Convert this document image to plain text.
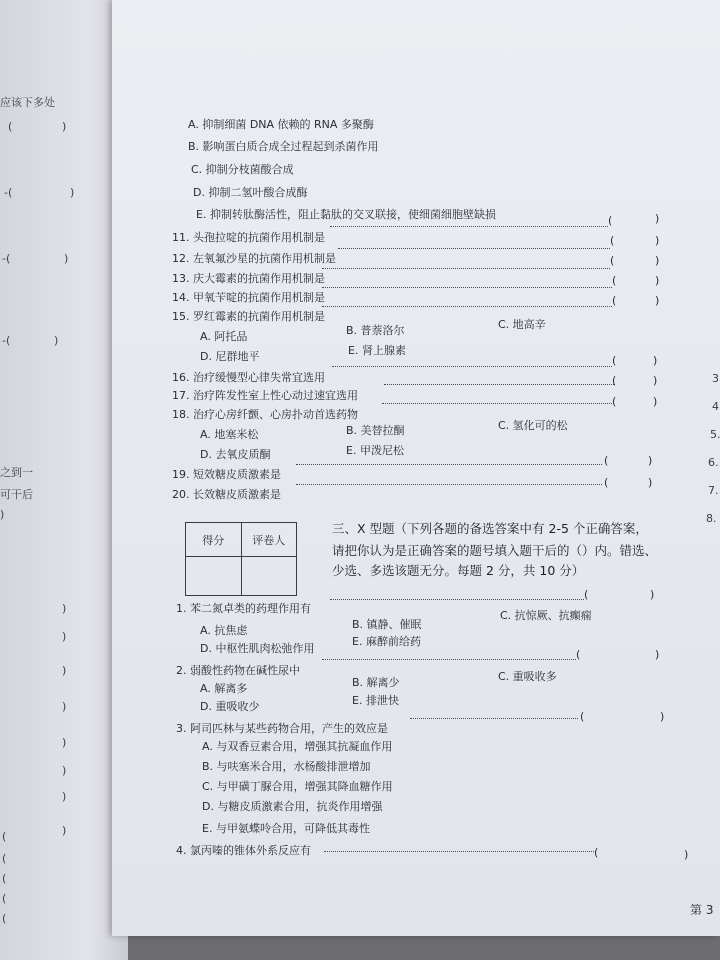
应该下多处
(	)
-(	)
-(	)
-(	)
之到一
可干后
)
)
)
)
)
)
)
)
)
(
(
(
(
(
A. 抑制细菌 DNA 依赖的 RNA 多聚酶
B. 影响蛋白质合成全过程起到杀菌作用
C. 抑制分枝菌酸合成
D. 抑制二氢叶酸合成酶
E. 抑制转肽酶活性，阻止黏肽的交叉联接，使细菌细胞壁缺损
11. 头孢拉啶的抗菌作用机制是
(	)
12. 左氧氟沙星的抗菌作用机制是
(	)
13. 庆大霉素的抗菌作用机制是
(	)
14. 甲氧苄啶的抗菌作用机制是
(	)
15. 罗红霉素的抗菌作用机制是
(	)
A. 阿托品	B. 普萘洛尔	C. 地高辛
D. 尼群地平	E. 肾上腺素
16. 治疗缓慢型心律失常宜选用
(	)
17. 治疗阵发性室上性心动过速宜选用
(	)
18. 治疗心房纤颤、心房扑动首选药物
(	)
A. 地塞米松	B. 美替拉酮	C. 氢化可的松
D. 去氧皮质酮	E. 甲泼尼松
19. 短效糖皮质激素是
(	)
20. 长效糖皮质激素是
(	)
得分	评卷人

三、X 型题（下列各题的备选答案中有 2-5 个正确答案，
请把你认为是正确答案的题号填入题干后的（）内。错选、
少选、多选该题无分。每题 2 分，共 10 分）
1. 苯二氮卓类的药理作用有
(	)
A. 抗焦虑	B. 镇静、催眠
C. 抗惊厥、抗癫痫
D. 中枢性肌肉松弛作用
E. 麻醉前给药
2. 弱酸性药物在碱性尿中
(	)
A. 解离多	B. 解离少	C. 重吸收多
D. 重吸收少	E. 排泄快
3. 阿司匹林与某些药物合用，产生的效应是
(	)
A. 与双香豆素合用，增强其抗凝血作用
B. 与呋塞米合用，水杨酸排泄增加
C. 与甲磺丁脲合用，增强其降血糖作用
D. 与糖皮质激素合用，抗炎作用增强
E. 与甲氨蝶呤合用，可降低其毒性
4. 氯丙嗪的锥体外系反应有	(	)
3
4
5.
6.
7.
8.
第 3
